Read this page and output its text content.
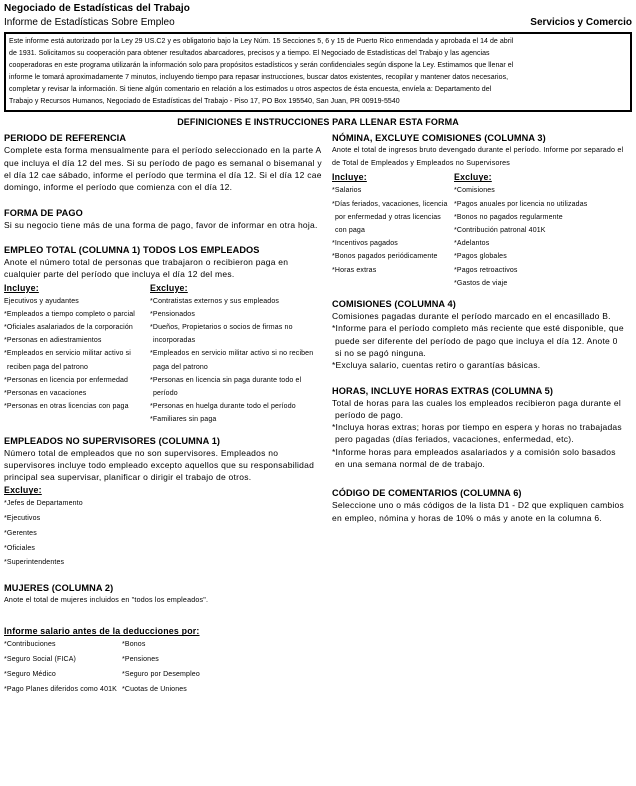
Negociado de Estadísticas del Trabajo
Informe de Estadísticas Sobre Empleo	Servicios y Comercio
Este informe está autorizado por la Ley 29 US.C2 y es obligatorio bajo la Ley Núm. 15 Secciones 5, 6 y 15 de Puerto Rico enmendada y aprobada el 14 de abril de 1931. Solicitamos su cooperación para obtener resultados abarcadores, precisos y a tiempo. El Negociado de Estadísticas del Trabajo y las agencias cooperadoras en este programa utilizarán la información solo para propósitos estadísticos y serán confidenciales según dispone la Ley. Estimamos que llenar el informe le tomará aproximadamente 7 minutos, incluyendo tiempo para repasar instrucciones, buscar datos existentes, recopilar y mantener datos necesarios, completar y revisar la información. Si tiene algún comentario en relación a los estimados u otros aspectos de ésta encuesta, envíela a: Departamento del Trabajo y Recursos Humanos, Negociado de Estadísticas del Trabajo - Piso 17, PO Box 195540, San Juan, PR 00919-5540
DEFINICIONES E INSTRUCCIONES PARA LLENAR ESTA FORMA
PERIODO DE REFERENCIA
Complete esta forma mensualmente para el período seleccionado en la parte A que incluya el día 12 del mes. Si su período de pago es semanal o bisemanal y el día 12 cae sábado, informe el período que termina el día 12. Si el día 12 cae domingo, informe el período que comienza con el día 12.
FORMA DE PAGO
Si su negocio tiene más de una forma de pago, favor de informar en otra hoja.
EMPLEO TOTAL (COLUMNA 1) TODOS LOS EMPLEADOS
Anote el número total de personas que trabajaron o recibieron paga en cualquier parte del período que incluya el día 12 del mes.
Incluye:
Ejecutivos y ayudantes
*Empleados a tiempo completo o parcial
*Oficiales asalariados de la corporación
*Personas en adiestramientos
*Empleados en servicio militar activo si reciben paga del patrono
*Personas en licencia por enfermedad
*Personas en vacaciones
*Personas en otras licencias con paga
Excluye:
*Contratistas externos y sus empleados
*Pensionados
*Dueños, Propietarios o socios de firmas no incorporadas
*Empleados en servicio militar activo si no reciben paga del patrono
*Personas en licencia sin paga durante todo el período
*Personas en huelga durante todo el período
*Familiares sin paga
EMPLEADOS NO SUPERVISORES (COLUMNA 1)
Número total de empleados que no son supervisores. Empleados no supervisores incluye todo empleado excepto aquellos que su responsabilidad principal sea supervisar, planificar o dirigir el trabajo de otros.
Excluye:
*Jefes de Departamento
*Ejecutivos
*Gerentes
*Oficiales
*Superintendentes
MUJERES (COLUMNA 2)
Anote el total de mujeres incluidos en "todos los empleados".
Informe salario antes de la deducciones por:
*Contribuciones
*Seguro Social (FICA)
*Seguro Médico
*Pago Planes diferidos como 401K
*Bonos
*Pensiones
*Seguro por Desempleo
*Cuotas de Uniones
NÓMINA, EXCLUYE COMISIONES (COLUMNA 3)
Anote el total de ingresos bruto devengado durante el período. Informe por separado el de Total de Empleados y Empleados no Supervisores
Incluye:
*Salarios
*Días feriados, vacaciones, licencia por enfermedad y otras licencias con paga
*Incentivos pagados
*Bonos pagados periódicamente
*Horas extras
Excluye:
*Comisiones
*Pagos anuales por licencia no utilizadas
*Bonos no pagados regularmente
*Contribución patronal 401K
*Adelantos
*Pagos globales
*Pagos retroactivos
*Gastos de viaje
COMISIONES (COLUMNA 4)
Comisiones pagadas durante el período marcado en el encasillado B.
*Informe para el período completo más reciente que esté disponible, que puede ser diferente del período de pago que incluya el día 12. Anote 0 si no se pagó ninguna.
*Excluya salario, cuentas retiro o garantías básicas.
HORAS, INCLUYE HORAS EXTRAS (COLUMNA 5)
Total de horas para las cuales los empleados recibieron paga durante el período de pago.
*Incluya horas extras; horas por tiempo en espera y horas no trabajadas pero pagadas (días feriados, vacaciones, enfermedad, etc).
*Informe horas para empleados asalariados y a comisión solo basados en una semana normal de de trabajo.
CÓDIGO DE COMENTARIOS (COLUMNA 6)
Seleccione uno o más códigos de la lista D1 - D2 que expliquen cambios en empleo, nómina y horas de 10% o más y anote en la columna 6.
